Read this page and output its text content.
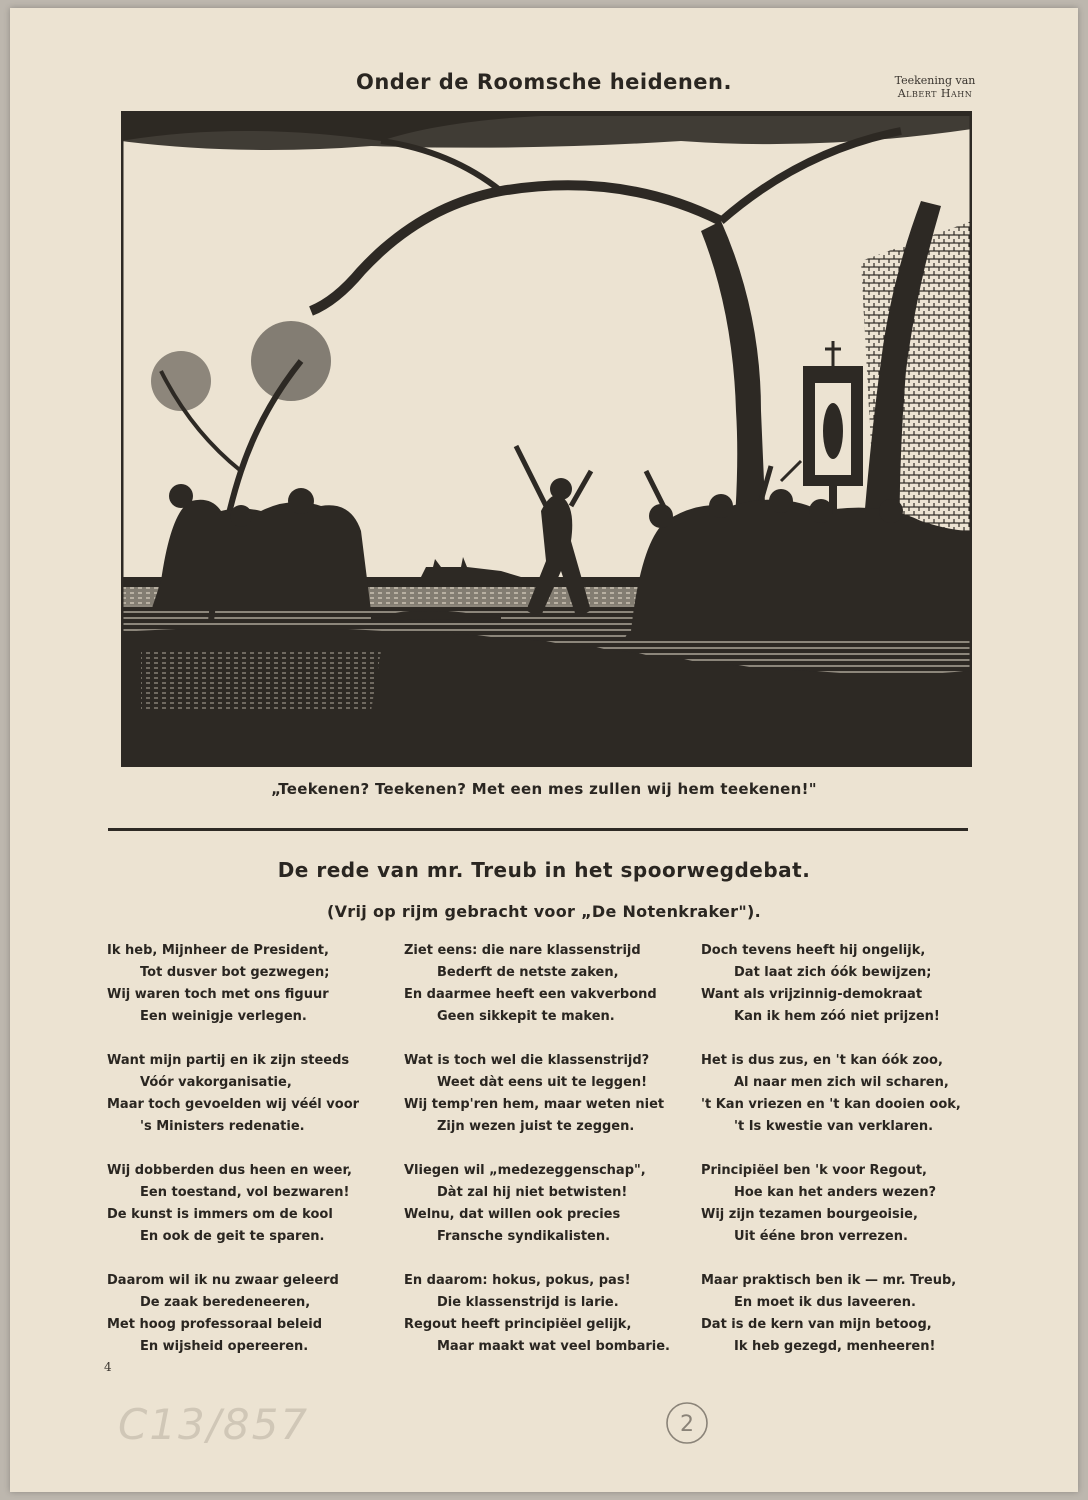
Onder de Roomsche heidenen.	Teekening van
Albert Hahn
„Teekenen? Teekenen? Met een mes zullen wij hem teekenen!"
De rede van mr. Treub in het spoorwegdebat.
(Vrij op rijm gebracht voor „De Notenkraker").
Ik heb, Mijnheer de President,
Tot dusver bot gezwegen;
Wij waren toch met ons figuur
Een weinigje verlegen.
Want mijn partij en ik zijn steeds
Vóór vakorganisatie,
Maar toch gevoelden wij véél voor
's Ministers redenatie.
Wij dobberden dus heen en weer,
Een toestand, vol bezwaren!
De kunst is immers om de kool
En ook de geit te sparen.
Daarom wil ik nu zwaar geleerd
De zaak beredeneeren,
Met hoog professoraal beleid
En wijsheid opereeren.
Ziet eens: die nare klassenstrijd
Bederft de netste zaken,
En daarmee heeft een vakverbond
Geen sikkepit te maken.
Wat is toch wel die klassenstrijd?
Weet dàt eens uit te leggen!
Wij temp'ren hem, maar weten niet
Zijn wezen juist te zeggen.
Vliegen wil „medezeggenschap",
Dàt zal hij niet betwisten!
Welnu, dat willen ook precies
Fransche syndikalisten.
En daarom: hokus, pokus, pas!
Die klassenstrijd is larie.
Regout heeft principiëel gelijk,
Maar maakt wat veel bombarie.
Doch tevens heeft hij ongelijk,
Dat laat zich óók bewijzen;
Want als vrijzinnig-demokraat
Kan ik hem zóó niet prijzen!
Het is dus zus, en 't kan óók zoo,
Al naar men zich wil scharen,
't Kan vriezen en 't kan dooien ook,
't Is kwestie van verklaren.
Principiëel ben 'k voor Regout,
Hoe kan het anders wezen?
Wij zijn tezamen bourgeoisie,
Uit ééne bron verrezen.
Maar praktisch ben ik — mr. Treub,
En moet ik dus laveeren.
Dat is de kern van mijn betoog,
Ik heb gezegd, menheeren!
4
C13/857	2
